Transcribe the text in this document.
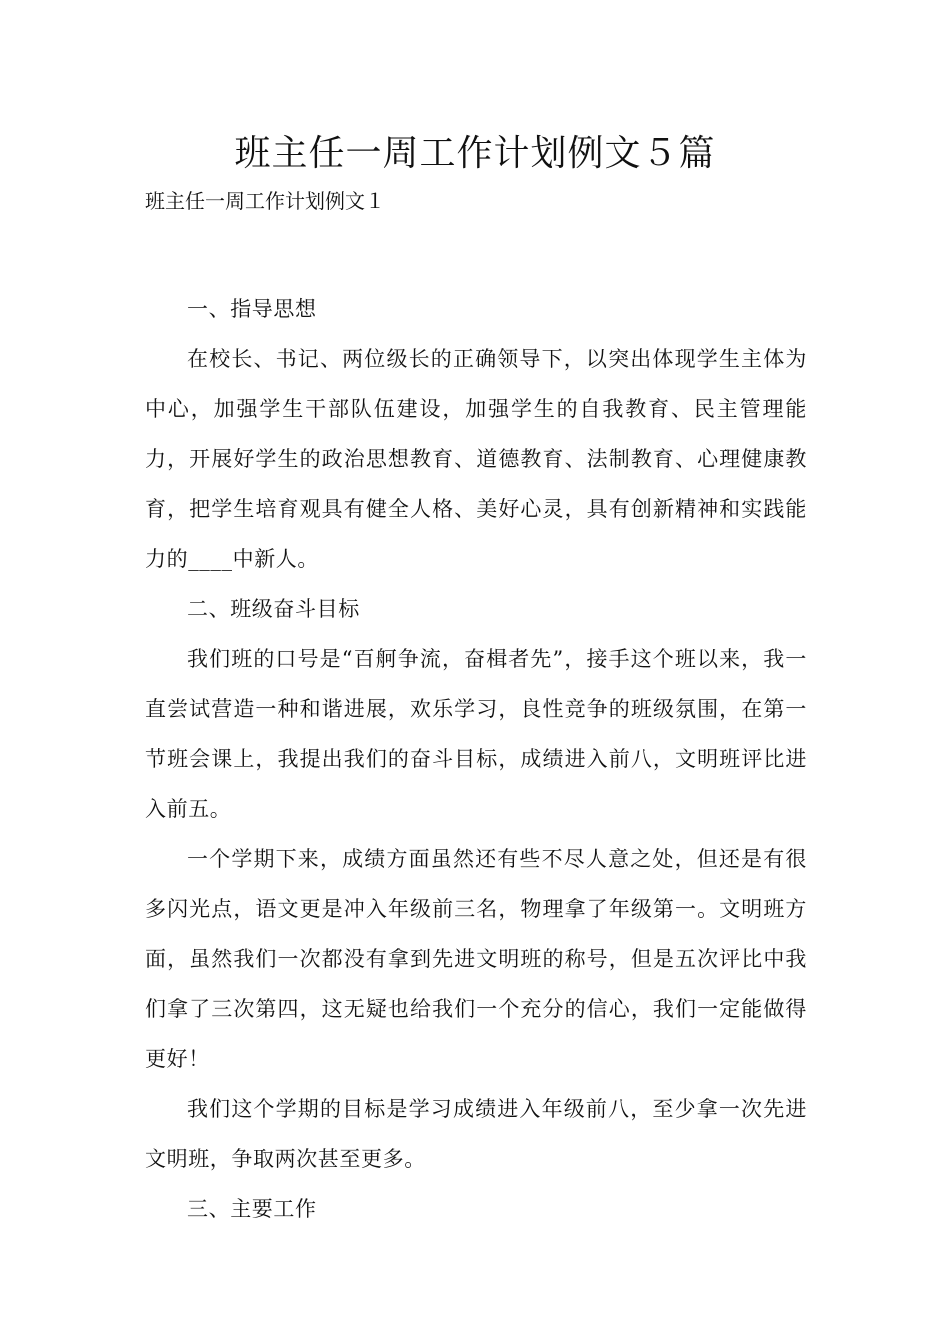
班主任一周工作计划例文５篇

班主任一周工作计划例文１

一、指导思想

在校长、书记、两位级长的正确领导下，以突出体现学生主体为中心，加强学生干部队伍建设，加强学生的自我教育、民主管理能力，开展好学生的政治思想教育、道德教育、法制教育、心理健康教育，把学生培育观具有健全人格、美好心灵，具有创新精神和实践能力的____中新人。

二、班级奋斗目标

我们班的口号是“百舸争流，奋楫者先”，接手这个班以来，我一直尝试营造一种和谐进展，欢乐学习，良性竞争的班级氛围，在第一节班会课上，我提出我们的奋斗目标，成绩进入前八，文明班评比进入前五。

一个学期下来，成绩方面虽然还有些不尽人意之处，但还是有很多闪光点，语文更是冲入年级前三名，物理拿了年级第一。文明班方面，虽然我们一次都没有拿到先进文明班的称号，但是五次评比中我们拿了三次第四，这无疑也给我们一个充分的信心，我们一定能做得更好！

我们这个学期的目标是学习成绩进入年级前八，至少拿一次先进文明班，争取两次甚至更多。

三、主要工作
